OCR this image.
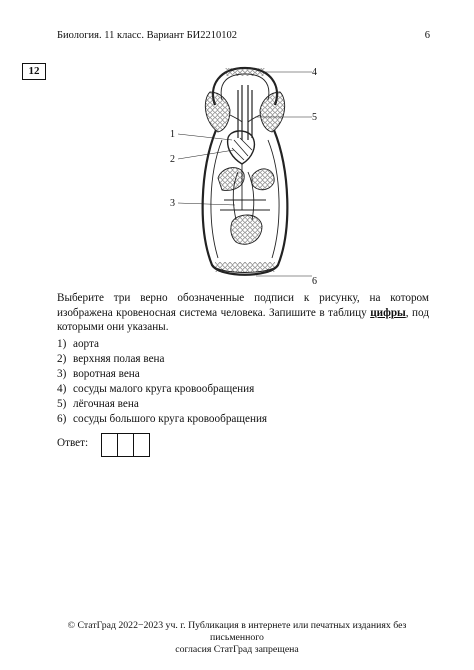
Биология. 11 класс. Вариант БИ2210102	6
12	4
5
1
2
3
6
Выберите три верно обозначенные подписи к рисунку, на котором изображена кровеносная система человека. Запишите в таблицу цифры, под которыми они указаны.
1) аорта
2) верхняя полая вена
3) воротная вена
4) сосуды малого круга кровообращения
5) лёгочная вена
6) сосуды большого круга кровообращения
Ответ:
© СтатГрад 2022−2023 уч. г. Публикация в интернете или печатных изданиях без письменного
согласия СтатГрад запрещена
